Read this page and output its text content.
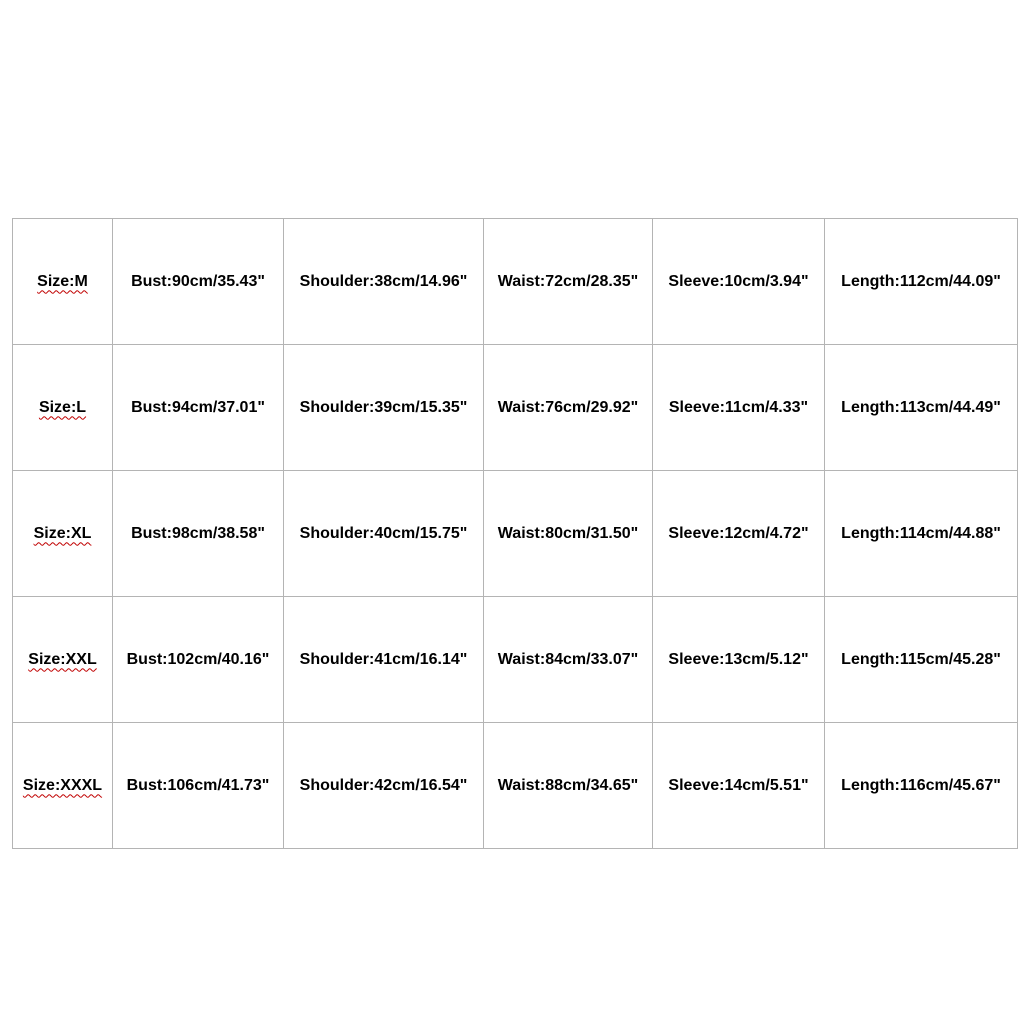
Size:M	Bust:90cm/35.43"	Shoulder:38cm/14.96"	Waist:72cm/28.35"	Sleeve:10cm/3.94"	Length:112cm/44.09"
Size:L	Bust:94cm/37.01"	Shoulder:39cm/15.35"	Waist:76cm/29.92"	Sleeve:11cm/4.33"	Length:113cm/44.49"
Size:XL	Bust:98cm/38.58"	Shoulder:40cm/15.75"	Waist:80cm/31.50"	Sleeve:12cm/4.72"	Length:114cm/44.88"
Size:XXL	Bust:102cm/40.16"	Shoulder:41cm/16.14"	Waist:84cm/33.07"	Sleeve:13cm/5.12"	Length:115cm/45.28"
Size:XXXL	Bust:106cm/41.73"	Shoulder:42cm/16.54"	Waist:88cm/34.65"	Sleeve:14cm/5.51"	Length:116cm/45.67"
